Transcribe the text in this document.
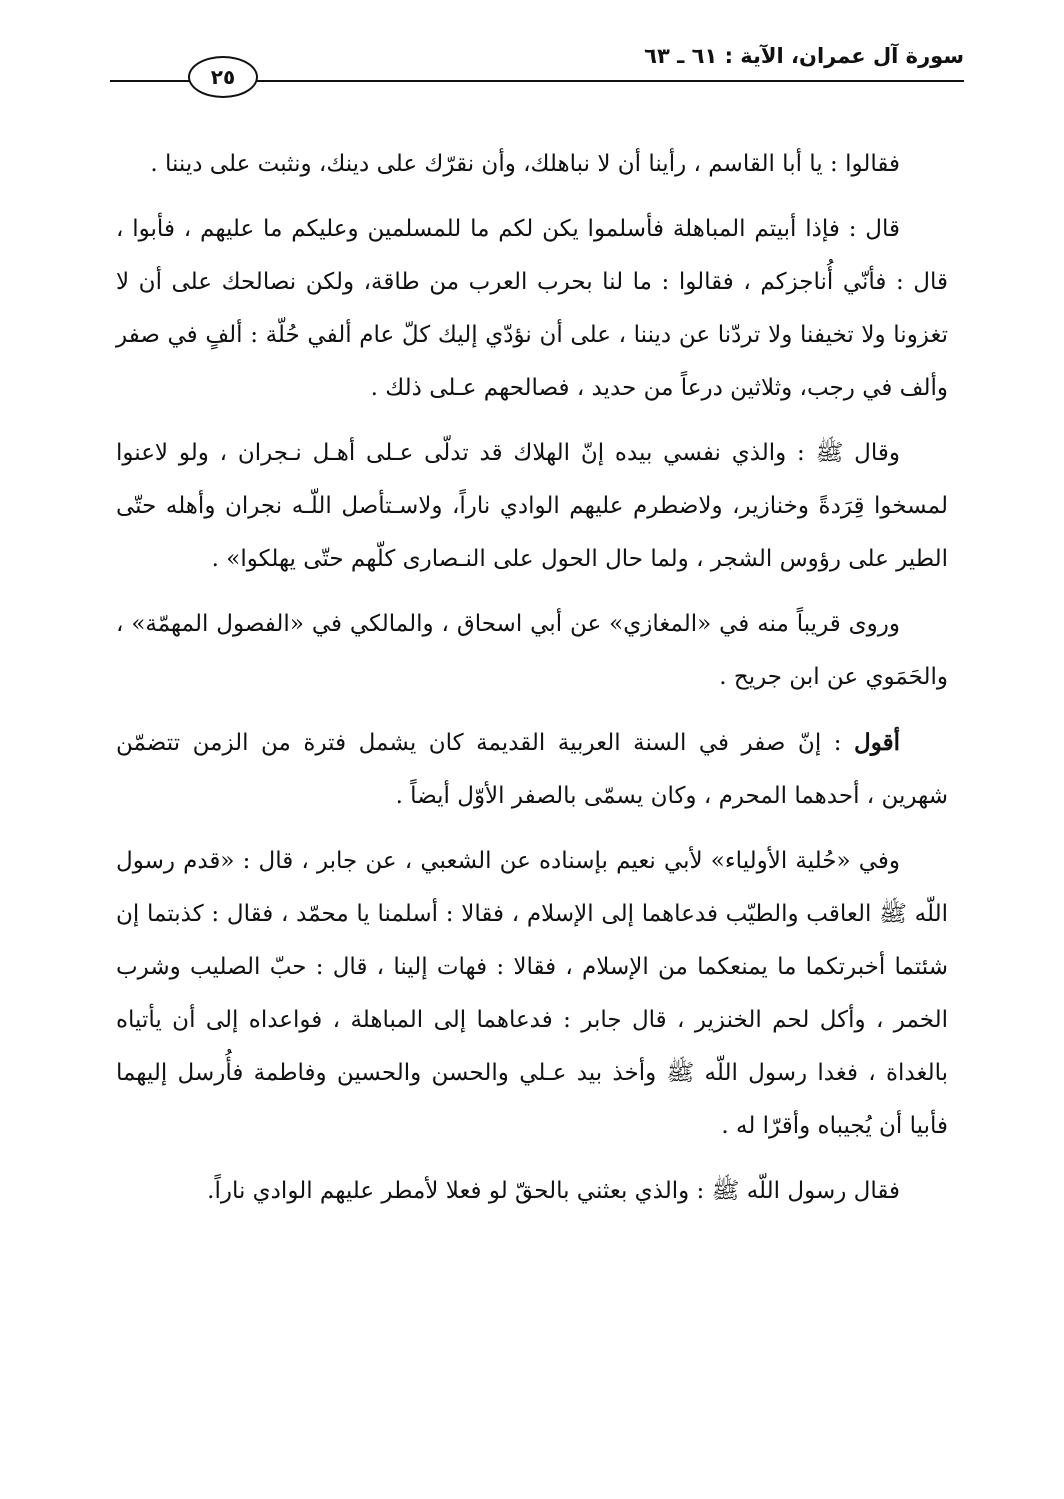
سورة آل عمران، الآية : ٦١ ـ ٦٣
٢٥

فقالوا : يا أبا القاسم ، رأينا أن لا نباهلك، وأن نقرّك على دينك، ونثبت على ديننا .

قال : فإذا أبيتم المباهلة فأسلموا يكن لكم ما للمسلمين وعليكم ما عليهم ، فأبوا ، قال : فأنّي أُناجزكم ، فقالوا : ما لنا بحرب العرب من طاقة، ولكن نصالحك على أن لا تغزونا ولا تخيفنا ولا تردّنا عن ديننا ، على أن نؤدّي إليك كلّ عام ألفي حُلّة : ألفٍ في صفر وألف في رجب، وثلاثين درعاً من حديد ، فصالحهم عـلى ذلك .

وقال ﷺ : والذي نفسي بيده إنّ الهلاك قد تدلّى عـلى أهـل نـجران ، ولو لاعنوا لمسخوا قِرَدةً وخنازير، ولاضطرم عليهم الوادي ناراً، ولاسـتأصل اللّـه نجران وأهله حتّى الطير على رؤوس الشجر ، ولما حال الحول على النـصارى كلّهم حتّى يهلكوا» .

وروى قريباً منه في «المغازي» عن أبي اسحاق ، والمالكي في «الفصول المهمّة» ، والحَمَوي عن ابن جريح .

أقول : إنّ صفر في السنة العربية القديمة كان يشمل فترة من الزمن تتضمّن شهرين ، أحدهما المحرم ، وكان يسمّى بالصفر الأوّل أيضاً .

وفي «حُلية الأولياء» لأبي نعيم بإسناده عن الشعبي ، عن جابر ، قال : «قدم رسول اللّه ﷺ العاقب والطيّب فدعاهما إلى الإسلام ، فقالا : أسلمنا يا محمّد ، فقال : كذبتما إن شئتما أخبرتكما ما يمنعكما من الإسلام ، فقالا : فهات إلينا ، قال : حبّ الصليب وشرب الخمر ، وأكل لحم الخنزير ، قال جابر : فدعاهما إلى المباهلة ، فواعداه إلى أن يأتياه بالغداة ، فغدا رسول اللّه ﷺ وأخذ بيد عـلي والحسن والحسين وفاطمة فأُرسل إليهما فأبيا أن يُجيباه وأقرّا له .

فقال رسول اللّه ﷺ : والذي بعثني بالحقّ لو فعلا لأمطر عليهم الوادي ناراً.
